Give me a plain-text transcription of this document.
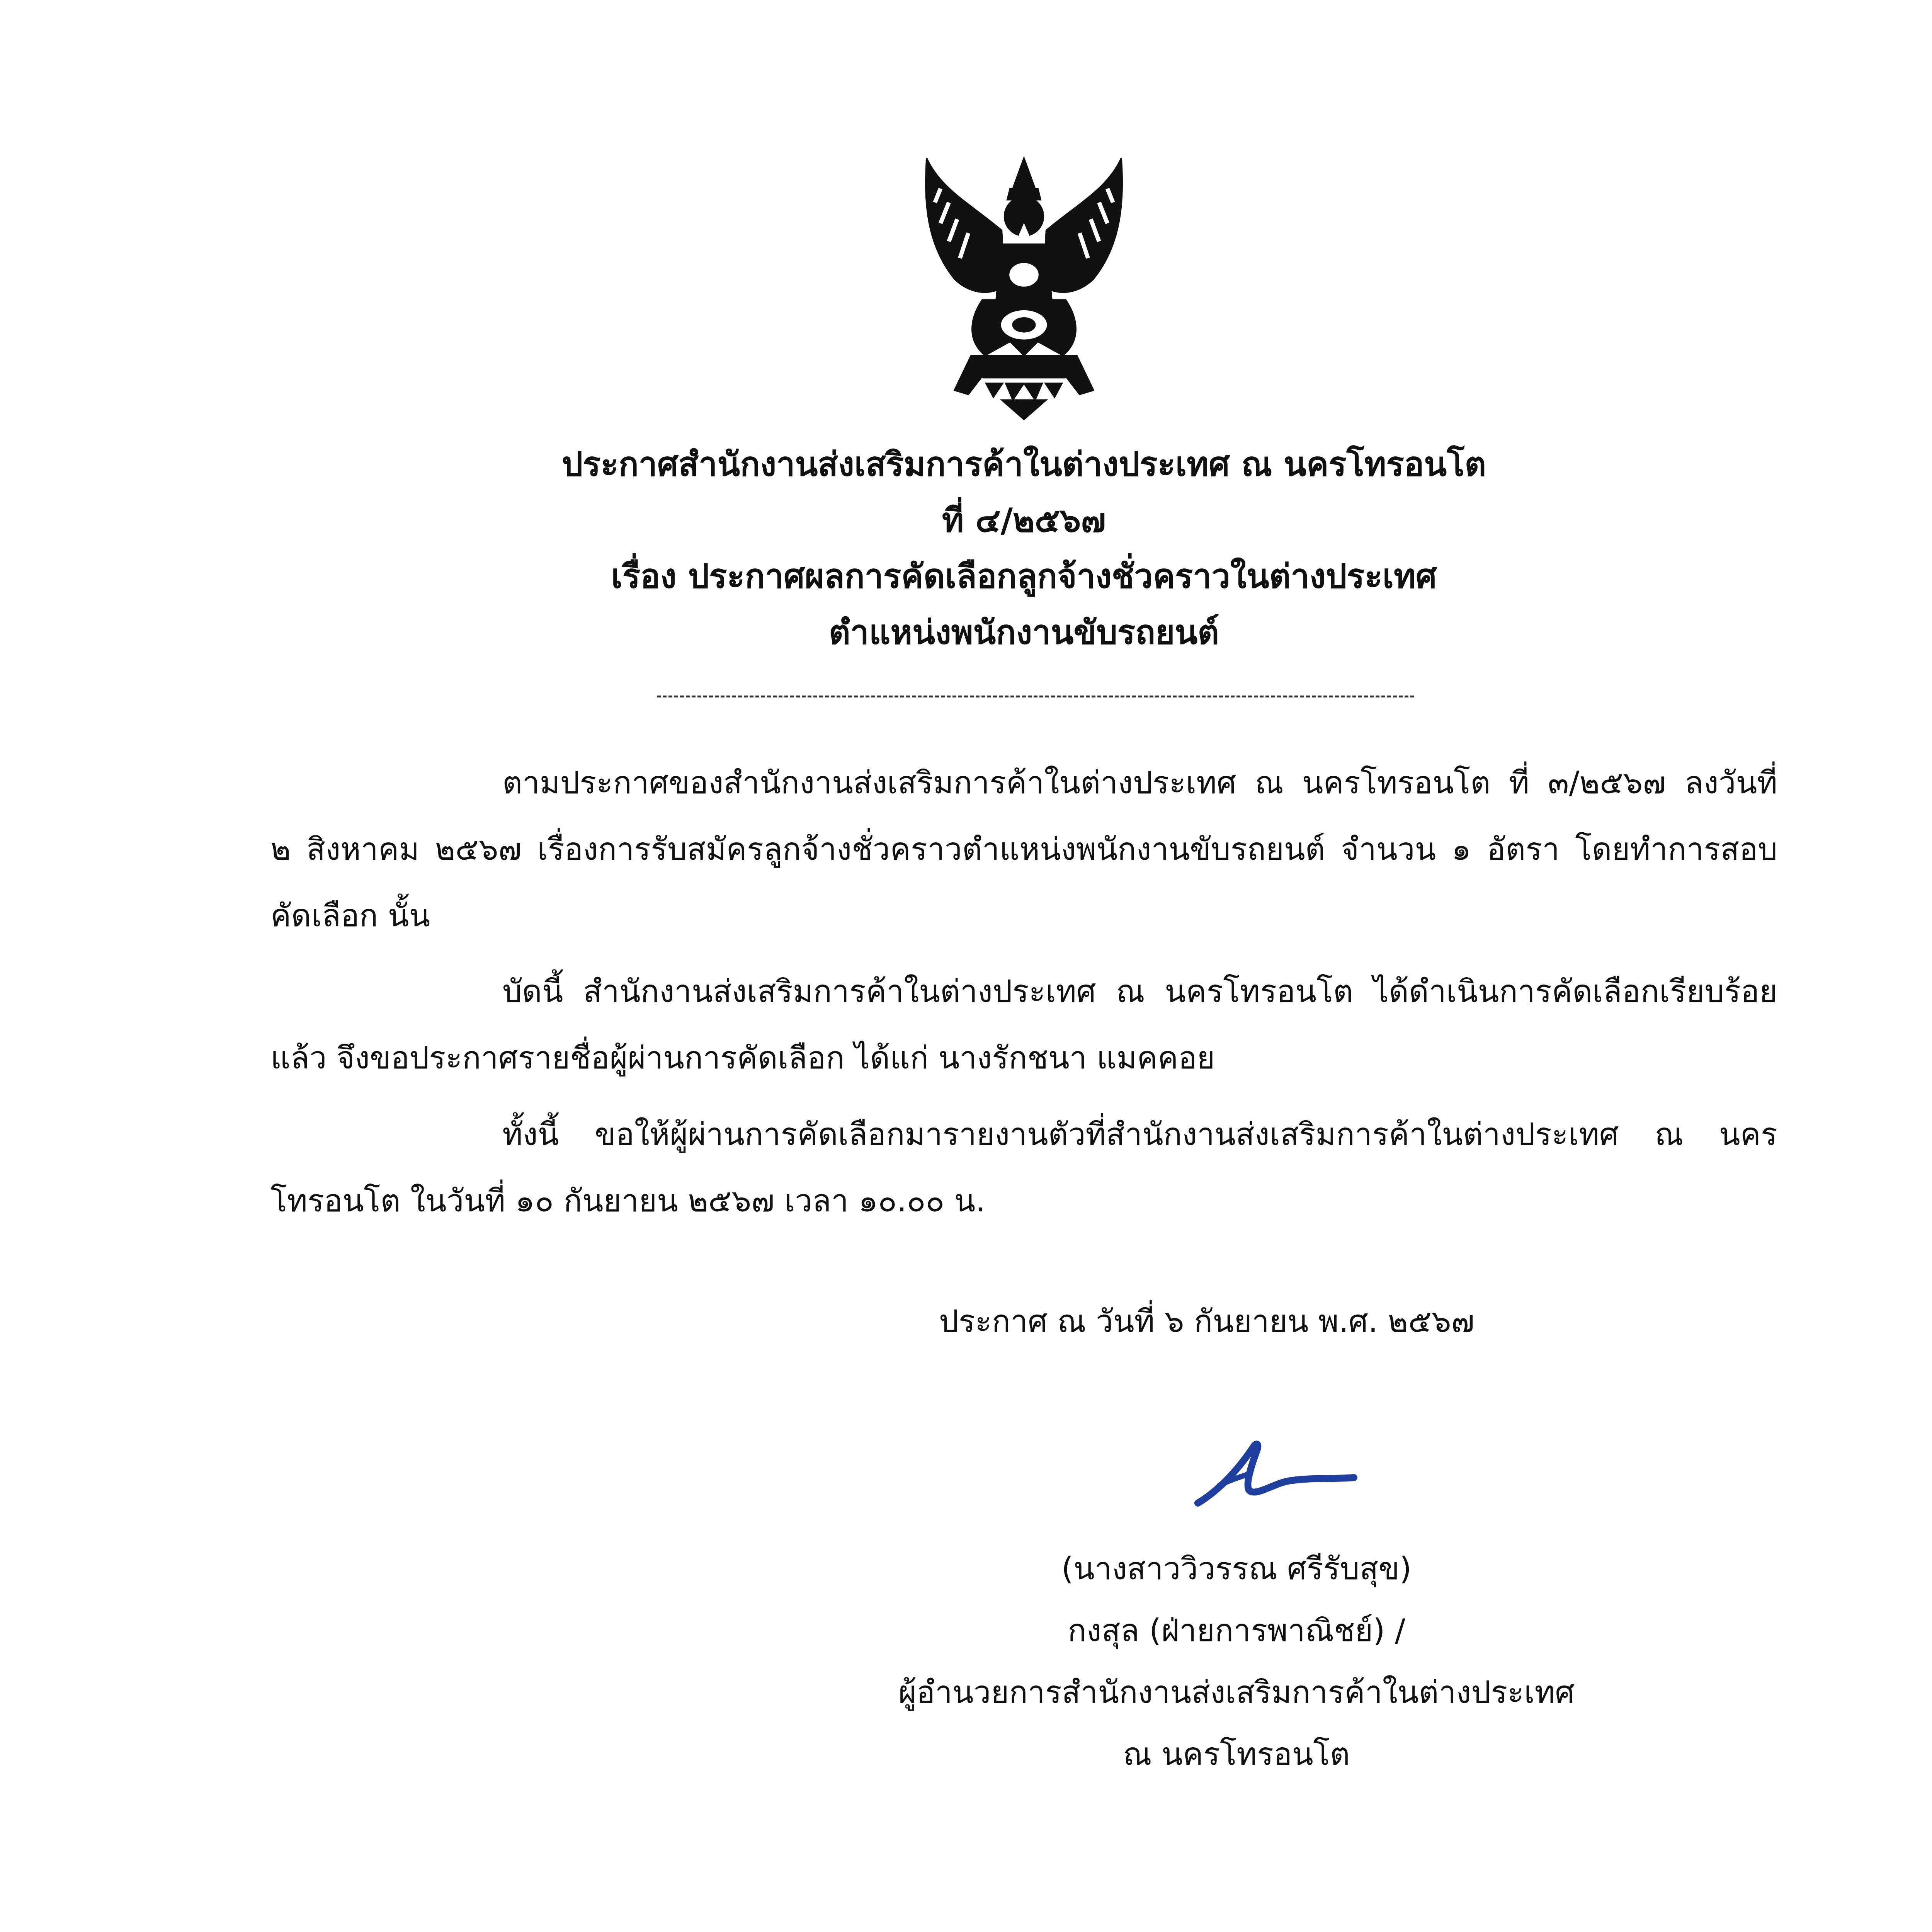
ประกาศสำนักงานส่งเสริมการค้าในต่างประเทศ ณ นครโทรอนโต
ที่ ๔/๒๕๖๗
เรื่อง ประกาศผลการคัดเลือกลูกจ้างชั่วคราวในต่างประเทศ
ตำแหน่งพนักงานขับรถยนต์
ตามประกาศของสำนักงานส่งเสริมการค้าในต่างประเทศ ณ นครโทรอนโต ที่ ๓/๒๕๖๗ ลงวันที่
๒ สิงหาคม ๒๕๖๗ เรื่องการรับสมัครลูกจ้างชั่วคราวตำแหน่งพนักงานขับรถยนต์ จำนวน ๑ อัตรา โดยทำการสอบ
คัดเลือก นั้น
บัดนี้ สำนักงานส่งเสริมการค้าในต่างประเทศ ณ นครโทรอนโต ได้ดำเนินการคัดเลือกเรียบร้อย
แล้ว จึงขอประกาศรายชื่อผู้ผ่านการคัดเลือก ได้แก่ นางรักชนา แมคคอย
ทั้งนี้ ขอให้ผู้ผ่านการคัดเลือกมารายงานตัวที่สำนักงานส่งเสริมการค้าในต่างประเทศ ณ นคร
โทรอนโต ในวันที่ ๑๐ กันยายน ๒๕๖๗ เวลา ๑๐.๐๐ น.
ประกาศ ณ วันที่ ๖ กันยายน พ.ศ. ๒๕๖๗
(นางสาววิวรรณ ศรีรับสุข)
กงสุล (ฝ่ายการพาณิชย์) /
ผู้อำนวยการสำนักงานส่งเสริมการค้าในต่างประเทศ
ณ นครโทรอนโต
